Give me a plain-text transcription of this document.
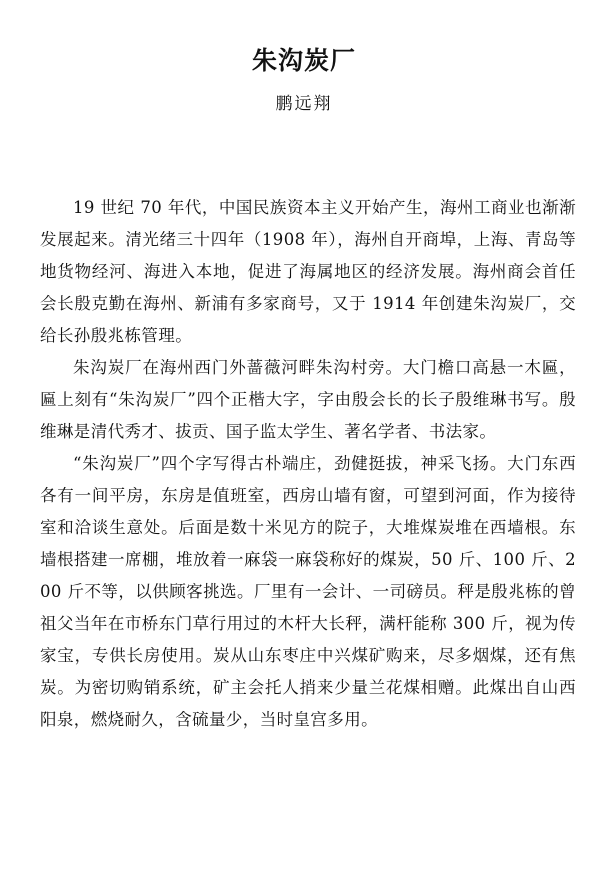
朱沟炭厂
鹏远翔

19 世纪 70 年代，中国民族资本主义开始产生，海州工商业也渐渐发展起来。清光绪三十四年（1908 年），海州自开商埠，上海、青岛等地货物经河、海进入本地，促进了海属地区的经济发展。海州商会首任会长殷克勤在海州、新浦有多家商号，又于 1914 年创建朱沟炭厂，交给长孙殷兆栋管理。

朱沟炭厂在海州西门外蔷薇河畔朱沟村旁。大门檐口高悬一木匾，匾上刻有“朱沟炭厂”四个正楷大字，字由殷会长的长子殷维琳书写。殷维琳是清代秀才、拔贡、国子监太学生、著名学者、书法家。

“朱沟炭厂”四个字写得古朴端庄，劲健挺拔，神采飞扬。大门东西各有一间平房，东房是值班室，西房山墙有窗，可望到河面，作为接待室和洽谈生意处。后面是数十米见方的院子，大堆煤炭堆在西墙根。东墙根搭建一席棚，堆放着一麻袋一麻袋称好的煤炭，50 斤、100 斤、200 斤不等，以供顾客挑选。厂里有一会计、一司磅员。秤是殷兆栋的曾祖父当年在市桥东门草行用过的木杆大长秤，满杆能称 300 斤，视为传家宝，专供长房使用。炭从山东枣庄中兴煤矿购来，尽多烟煤，还有焦炭。为密切购销系统，矿主会托人捎来少量兰花煤相赠。此煤出自山西阳泉，燃烧耐久，含硫量少，当时皇宫多用。
